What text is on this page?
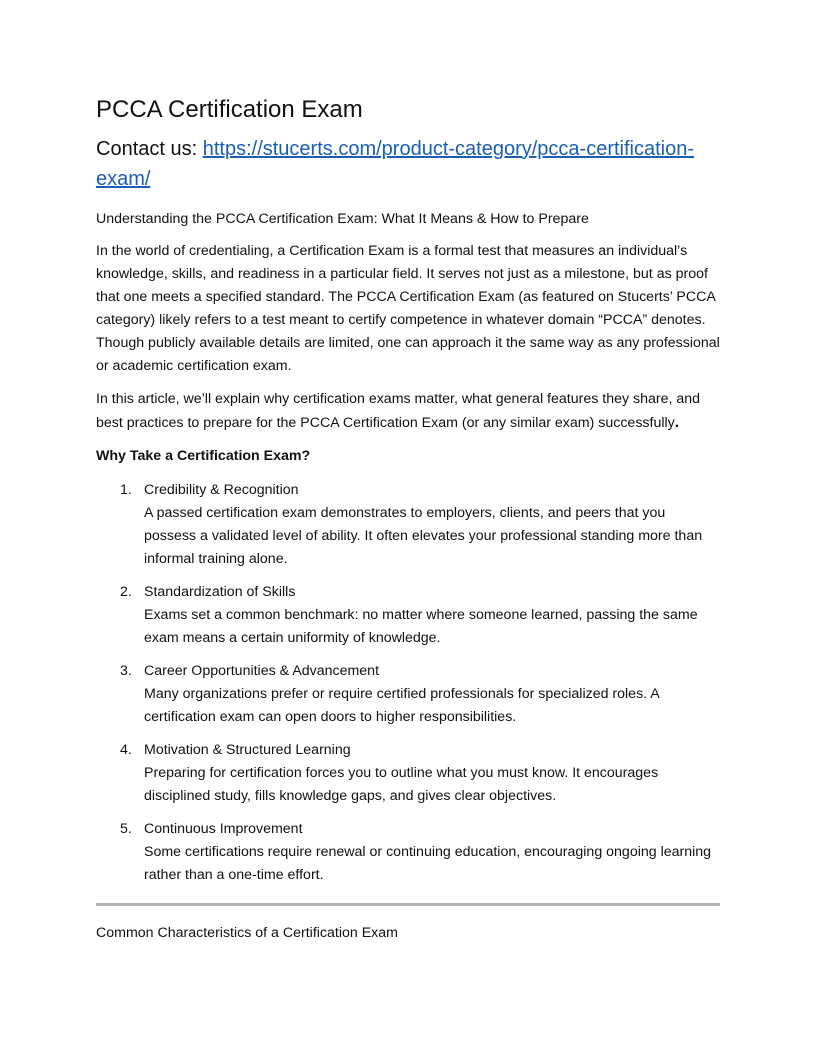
PCCA Certification Exam
Contact us: https://stucerts.com/product-category/pcca-certification-exam/

Understanding the PCCA Certification Exam: What It Means & How to Prepare

In the world of credentialing, a Certification Exam is a formal test that measures an individual’s knowledge, skills, and readiness in a particular field. It serves not just as a milestone, but as proof that one meets a specified standard. The PCCA Certification Exam (as featured on Stucerts’ PCCA category) likely refers to a test meant to certify competence in whatever domain “PCCA” denotes. Though publicly available details are limited, one can approach it the same way as any professional or academic certification exam.

In this article, we’ll explain why certification exams matter, what general features they share, and best practices to prepare for the PCCA Certification Exam (or any similar exam) successfully.

Why Take a Certification Exam?

1. Credibility & Recognition
A passed certification exam demonstrates to employers, clients, and peers that you possess a validated level of ability. It often elevates your professional standing more than informal training alone.
2. Standardization of Skills
Exams set a common benchmark: no matter where someone learned, passing the same exam means a certain uniformity of knowledge.
3. Career Opportunities & Advancement
Many organizations prefer or require certified professionals for specialized roles. A certification exam can open doors to higher responsibilities.
4. Motivation & Structured Learning
Preparing for certification forces you to outline what you must know. It encourages disciplined study, fills knowledge gaps, and gives clear objectives.
5. Continuous Improvement
Some certifications require renewal or continuing education, encouraging ongoing learning rather than a one-time effort.

Common Characteristics of a Certification Exam
